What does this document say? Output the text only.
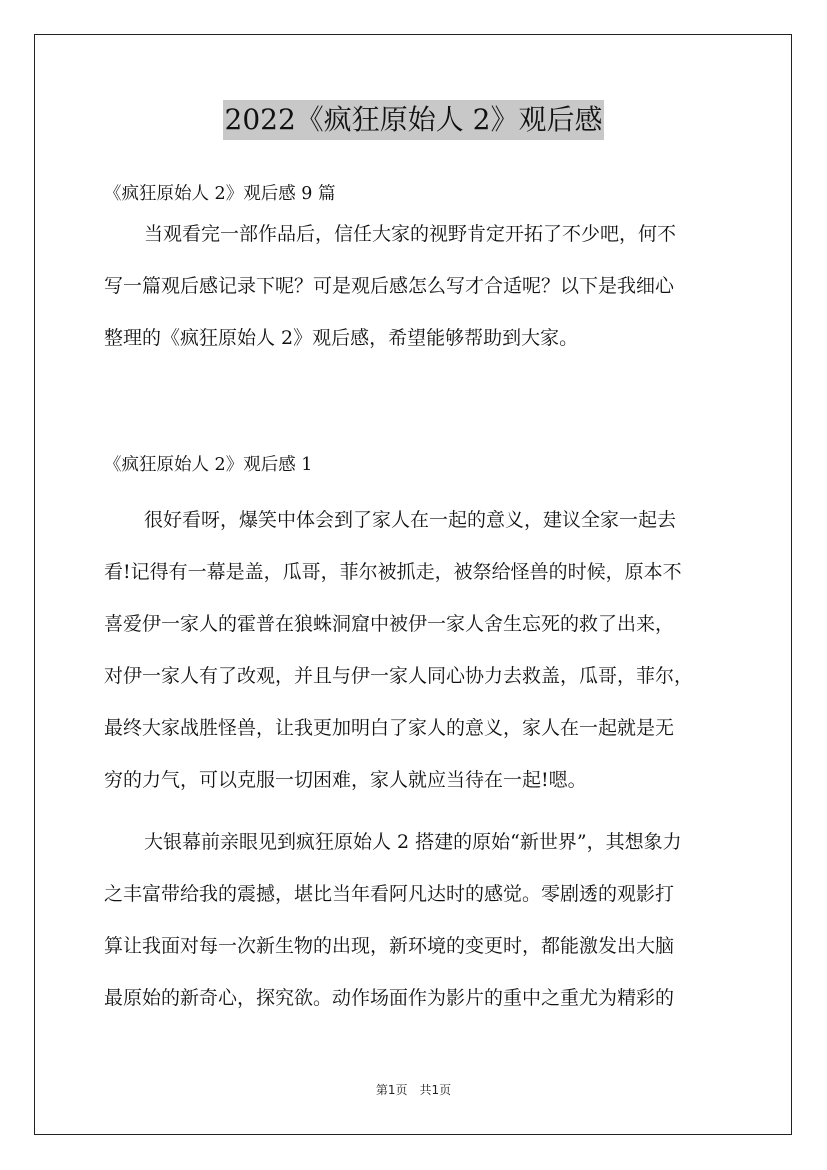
2022《疯狂原始人 2》观后感

《疯狂原始人 2》观后感 9 篇

当观看完一部作品后，信任大家的视野肯定开拓了不少吧，何不
写一篇观后感记录下呢？可是观后感怎么写才合适呢？以下是我细心
整理的《疯狂原始人 2》观后感，希望能够帮助到大家。

《疯狂原始人 2》观后感 1

很好看呀，爆笑中体会到了家人在一起的意义，建议全家一起去
看!记得有一幕是盖，瓜哥，菲尔被抓走，被祭给怪兽的时候，原本不
喜爱伊一家人的霍普在狼蛛洞窟中被伊一家人舍生忘死的救了出来，
对伊一家人有了改观，并且与伊一家人同心协力去救盖，瓜哥，菲尔，
最终大家战胜怪兽，让我更加明白了家人的意义，家人在一起就是无
穷的力气，可以克服一切困难，家人就应当待在一起!嗯。
大银幕前亲眼见到疯狂原始人 2 搭建的原始“新世界”，其想象力
之丰富带给我的震撼，堪比当年看阿凡达时的感觉。零剧透的观影打
算让我面对每一次新生物的出现，新环境的变更时，都能激发出大脑
最原始的新奇心，探究欲。动作场面作为影片的重中之重尤为精彩的
第1页　共1页
